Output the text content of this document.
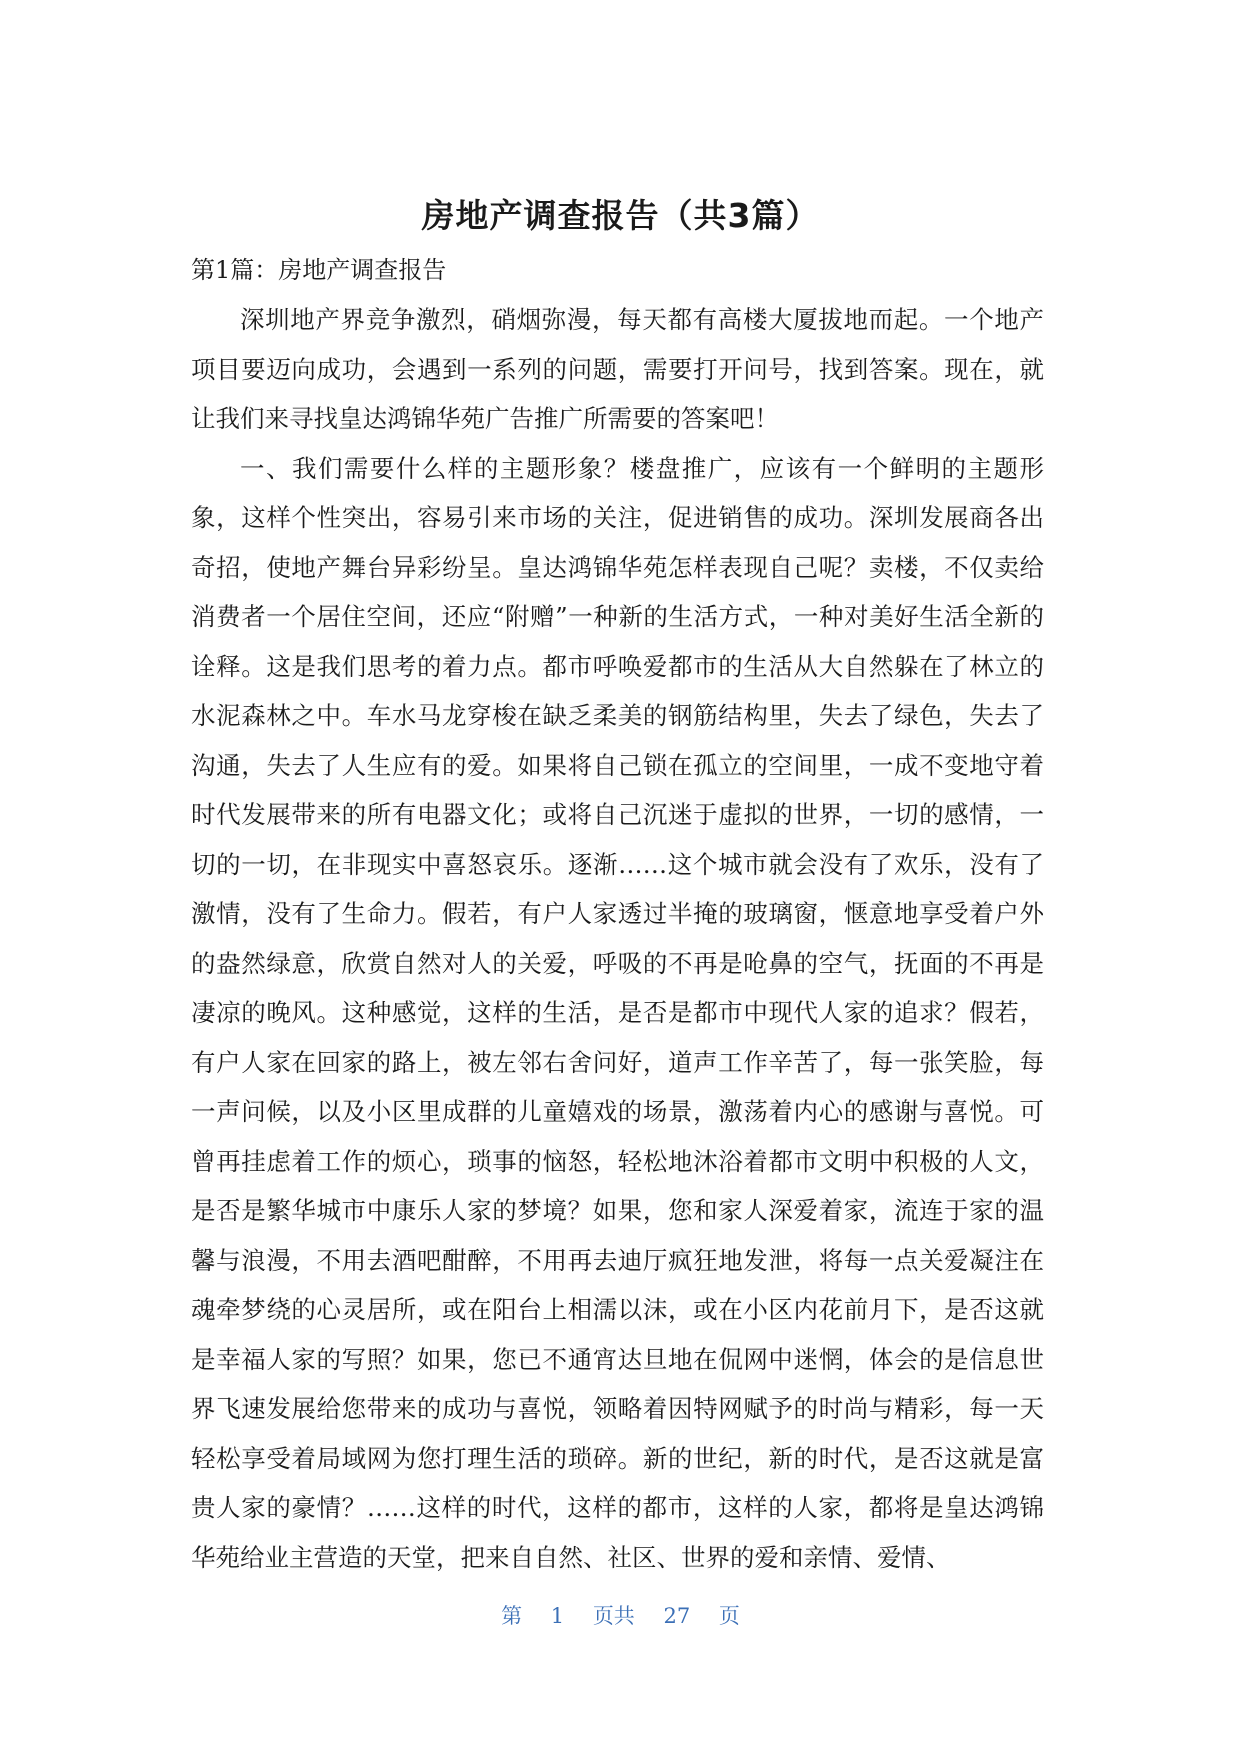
房地产调查报告（共3篇）
第1篇：房地产调查报告

深圳地产界竞争激烈，硝烟弥漫，每天都有高楼大厦拔地而起。一个地产项目要迈向成功，会遇到一系列的问题，需要打开问号，找到答案。现在，就让我们来寻找皇达鸿锦华苑广告推广所需要的答案吧！

一、我们需要什么样的主题形象？楼盘推广，应该有一个鲜明的主题形象，这样个性突出，容易引来市场的关注，促进销售的成功。深圳发展商各出奇招，使地产舞台异彩纷呈。皇达鸿锦华苑怎样表现自己呢？卖楼，不仅卖给消费者一个居住空间，还应“附赠”一种新的生活方式，一种对美好生活全新的诠释。这是我们思考的着力点。都市呼唤爱都市的生活从大自然躲在了林立的水泥森林之中。车水马龙穿梭在缺乏柔美的钢筋结构里，失去了绿色，失去了沟通，失去了人生应有的爱。如果将自己锁在孤立的空间里，一成不变地守着时代发展带来的所有电器文化；或将自己沉迷于虚拟的世界，一切的感情，一切的一切，在非现实中喜怒哀乐。逐渐……这个城市就会没有了欢乐，没有了激情，没有了生命力。假若，有户人家透过半掩的玻璃窗，惬意地享受着户外的盎然绿意，欣赏自然对人的关爱，呼吸的不再是呛鼻的空气，抚面的不再是凄凉的晚风。这种感觉，这样的生活，是否是都市中现代人家的追求？假若，有户人家在回家的路上，被左邻右舍问好，道声工作辛苦了，每一张笑脸，每一声问候，以及小区里成群的儿童嬉戏的场景，激荡着内心的感谢与喜悦。可曾再挂虑着工作的烦心，琐事的恼怒，轻松地沐浴着都市文明中积极的人文，是否是繁华城市中康乐人家的梦境？如果，您和家人深爱着家，流连于家的温馨与浪漫，不用去酒吧酣醉，不用再去迪厅疯狂地发泄，将每一点关爱凝注在魂牵梦绕的心灵居所，或在阳台上相濡以沫，或在小区内花前月下，是否这就是幸福人家的写照？如果，您已不通宵达旦地在侃网中迷惘，体会的是信息世界飞速发展给您带来的成功与喜悦，领略着因特网赋予的时尚与精彩，每一天轻松享受着局域网为您打理生活的琐碎。新的世纪，新的时代，是否这就是富贵人家的豪情？……这样的时代，这样的都市，这样的人家，都将是皇达鸿锦华苑给业主营造的天堂，把来自自然、社区、世界的爱和亲情、爱情、

第 1 页共 27 页
